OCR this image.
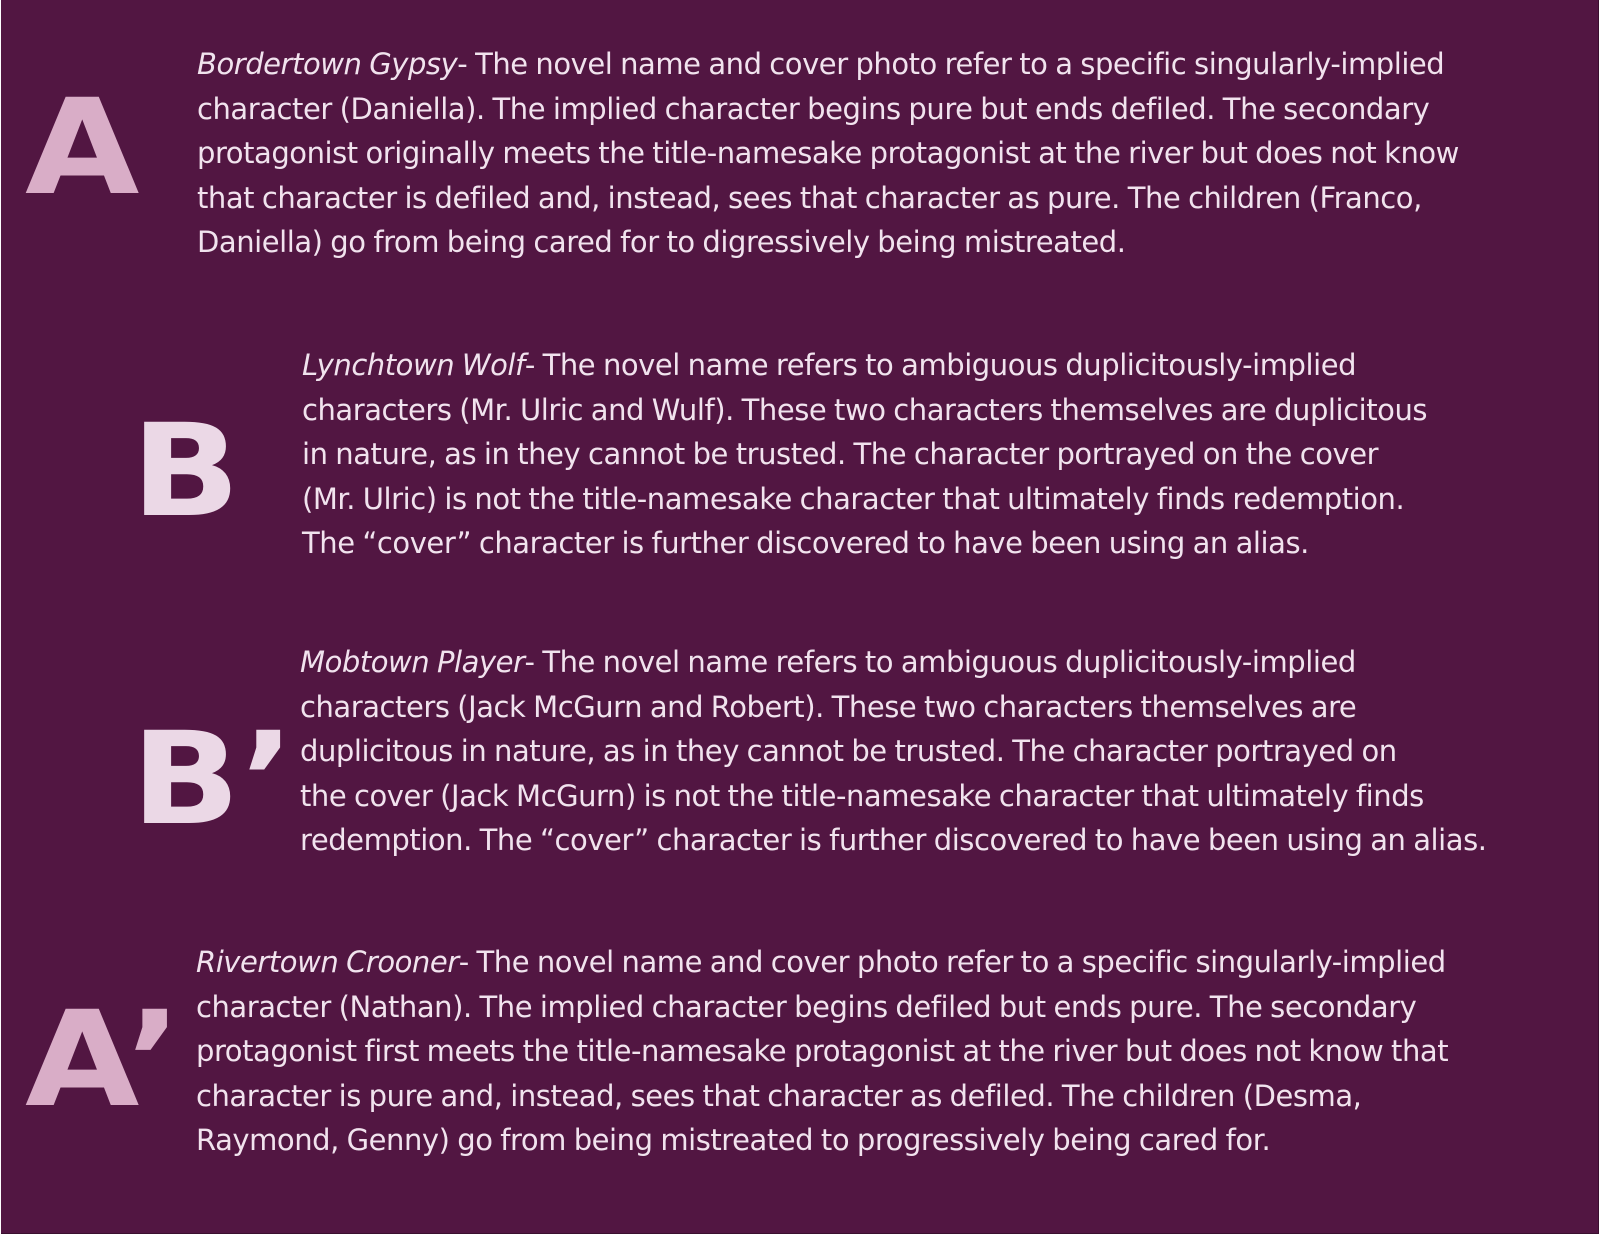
A
Bordertown Gypsy- The novel name and cover photo refer to a specific singularly-implied
character (Daniella). The implied character begins pure but ends defiled. The secondary
protagonist originally meets the title-namesake protagonist at the river but does not know
that character is defiled and, instead, sees that character as pure. The children (Franco,
Daniella) go from being cared for to digressively being mistreated.
B
Lynchtown Wolf- The novel name refers to ambiguous duplicitously-implied
characters (Mr. Ulric and Wulf). These two characters themselves are duplicitous
in nature, as in they cannot be trusted. The character portrayed on the cover
(Mr. Ulric) is not the title-namesake character that ultimately finds redemption.
The “cover” character is further discovered to have been using an alias.
B’
Mobtown Player- The novel name refers to ambiguous duplicitously-implied
characters (Jack McGurn and Robert). These two characters themselves are
duplicitous in nature, as in they cannot be trusted. The character portrayed on
the cover (Jack McGurn) is not the title-namesake character that ultimately finds
redemption. The “cover” character is further discovered to have been using an alias.
A’
Rivertown Crooner- The novel name and cover photo refer to a specific singularly-implied
character (Nathan). The implied character begins defiled but ends pure. The secondary
protagonist first meets the title-namesake protagonist at the river but does not know that
character is pure and, instead, sees that character as defiled. The children (Desma,
Raymond, Genny) go from being mistreated to progressively being cared for.
